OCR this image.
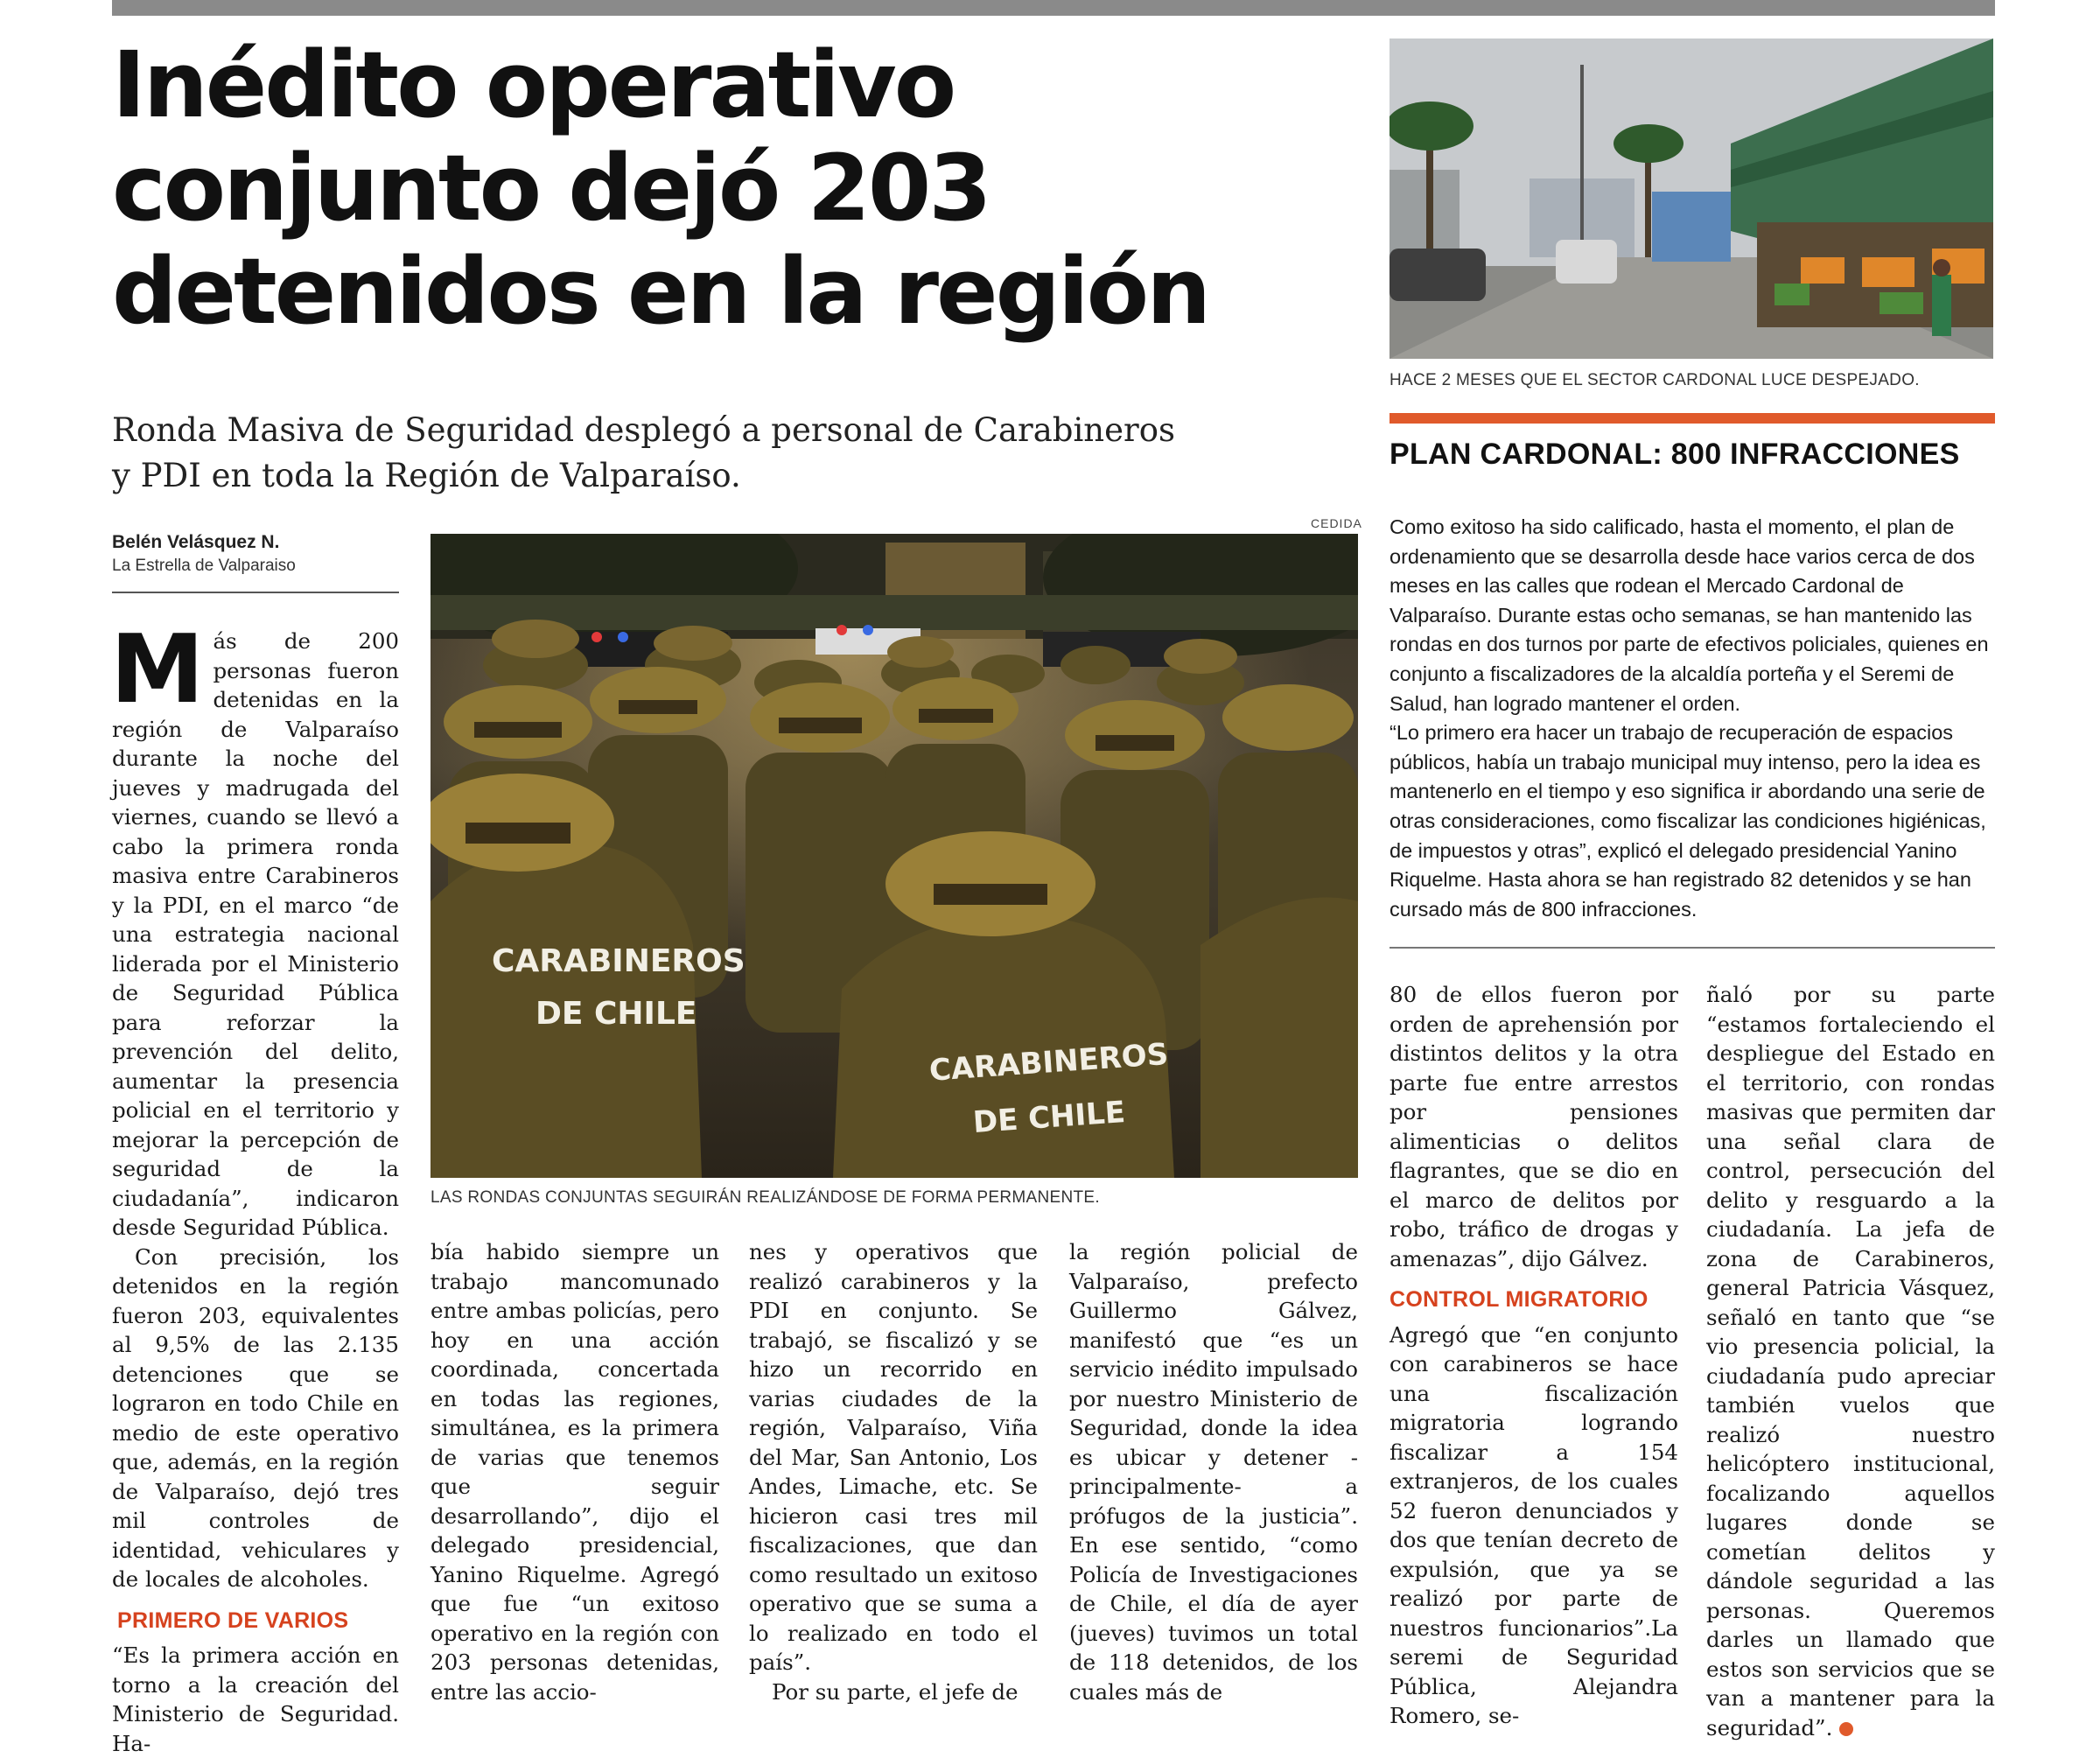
Inédito operativo
conjunto dejó 203
detenidos en la región
Ronda Masiva de Seguridad desplegó a personal de Carabineros
y PDI en toda la Región de Valparaíso.
Belén Velásquez N.
La Estrella de Valparaiso
CEDIDA
CARABINEROS
DE CHILE
CARABINEROS
DE CHILE
LAS RONDAS CONJUNTAS SEGUIRÁN REALIZÁNDOSE DE FORMA PERMANENTE.
HACE 2 MESES QUE EL SECTOR CARDONAL LUCE DESPEJADO.
PLAN CARDONAL: 800 INFRACCIONES

Como exitoso ha sido calificado, hasta el momento, el plan de ordenamiento que se desarrolla desde hace varios cerca de dos meses en las calles que rodean el Mercado Cardonal de Valparaíso. Durante estas ocho semanas, se han mantenido las rondas en dos turnos por parte de efectivos policiales, quienes en conjunto a fiscalizadores de la alcaldía porteña y el Seremi de Salud, han logrado mantener el orden.

“Lo primero era hacer un trabajo de recuperación de espacios públicos, había un trabajo municipal muy intenso, pero la idea es mantenerlo en el tiempo y eso significa ir abordando una serie de otras consideraciones, como fiscalizar las condiciones higiénicas, de impuestos y otras”, explicó el delegado presidencial Yanino Riquelme. Hasta ahora se han registrado 82 detenidos y se han cursado más de 800 infracciones.

Más de 200 personas fueron detenidas en la región de Valparaíso durante la noche del jueves y madrugada del viernes, cuando se llevó a cabo la primera ronda masiva entre Carabineros y la PDI, en el marco “de una estrategia nacional liderada por el Ministerio de Seguridad Pública para reforzar la prevención del delito, aumentar la presencia policial en el territorio y mejorar la percepción de seguridad de la ciudadanía”, indicaron desde Seguridad Pública.

Con precisión, los detenidos en la región fueron 203, equivalentes al 9,5% de las 2.135 detenciones que se lograron en todo Chile en medio de este operativo que, además, en la región de Valparaíso, dejó tres mil controles de identidad, vehiculares y de locales de alcoholes.

PRIMERO DE VARIOS

“Es la primera acción en torno a la creación del Ministerio de Seguridad. Ha-

bía habido siempre un trabajo mancomunado entre ambas policías, pero hoy en una acción coordinada, concertada en todas las regiones, simultánea, es la primera de varias que tenemos que seguir desarrollando”, dijo el delegado presidencial, Yanino Riquelme. Agregó que fue “un exitoso operativo en la región con 203 personas detenidas, entre las accio-

nes y operativos que realizó carabineros y la PDI en conjunto. Se trabajó, se fiscalizó y se hizo un recorrido en varias ciudades de la región, Valparaíso, Viña del Mar, San Antonio, Los Andes, Limache, etc. Se hicieron casi tres mil fiscalizaciones, que dan como resultado un exitoso operativo que se suma a lo realizado en todo el país”.

Por su parte, el jefe de

la región policial de Valparaíso, prefecto Guillermo Gálvez, manifestó que “es un servicio inédito impulsado por nuestro Ministerio de Seguridad, donde la idea es ubicar y detener - principalmente- a prófugos de la justicia”. En ese sentido, “como Policía de Investigaciones de Chile, el día de ayer (jueves) tuvimos un total de 118 detenidos, de los cuales más de

80 de ellos fueron por orden de aprehensión por distintos delitos y la otra parte fue entre arrestos por pensiones alimenticias o delitos flagrantes, que se dio en el marco de delitos por robo, tráfico de drogas y amenazas”, dijo Gálvez.

CONTROL MIGRATORIO

Agregó que “en conjunto con carabineros se hace una fiscalización migratoria logrando fiscalizar a 154 extranjeros, de los cuales 52 fueron denunciados y dos que tenían decreto de expulsión, que ya se realizó por parte de nuestros funcionarios”.La seremi de Seguridad Pública, Alejandra Romero, se-

ñaló por su parte “estamos fortaleciendo el despliegue del Estado en el territorio, con rondas masivas que permiten dar una señal clara de control, persecución del delito y resguardo a la ciudadanía. La jefa de zona de Carabineros, general Patricia Vásquez, señaló en tanto que “se vio presencia policial, la ciudadanía pudo apreciar también vuelos que realizó nuestro helicóptero institucional, focalizando aquellos lugares donde se cometían delitos y dándole seguridad a las personas. Queremos darles un llamado que estos son servicios que se van a mantener para la seguridad”.
